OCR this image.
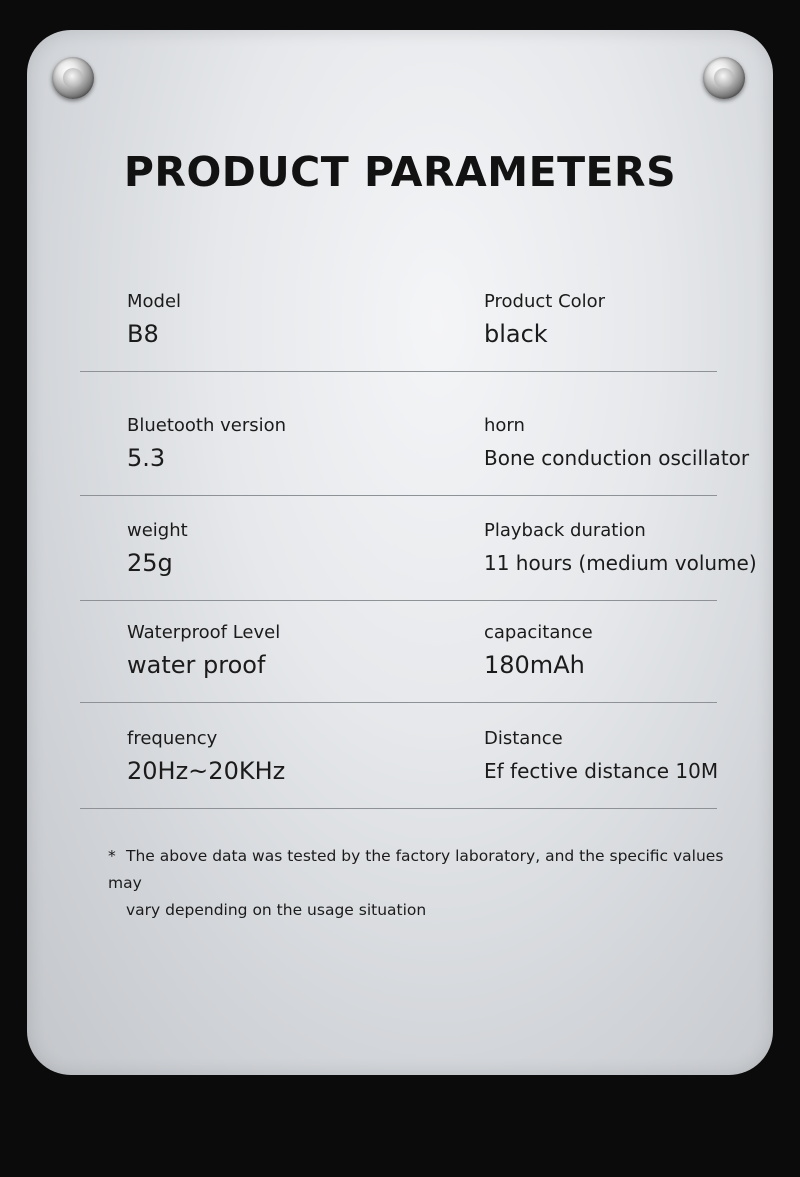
PRODUCT PARAMETERS
Model
B8
Product Color
black
Bluetooth version
5.3
horn
Bone conduction oscillator
weight
25g
Playback duration
11 hours (medium volume)
Waterproof Level
water proof
capacitance
180mAh
frequency
20Hz~20KHz
Distance
Ef fective distance 10M
* The above data was tested by the factory laboratory, and the specific values may
vary depending on the usage situation
